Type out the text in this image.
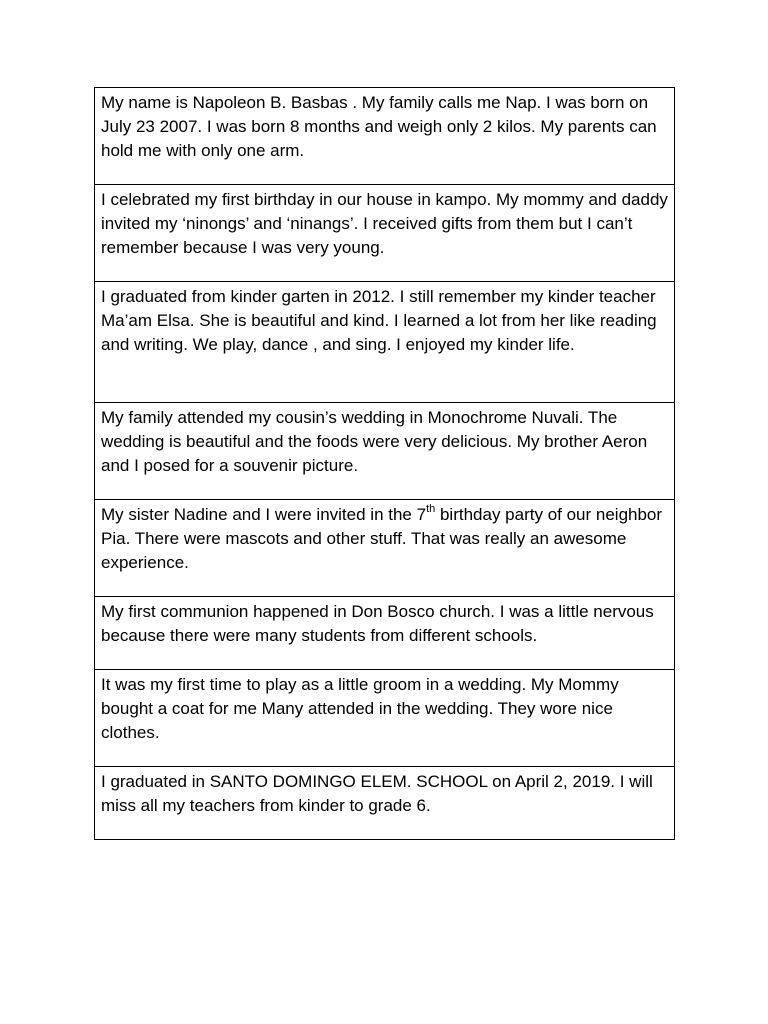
My name is Napoleon B. Basbas . My family calls me Nap. I was born on July 23 2007. I was born 8 months and weigh only 2 kilos. My parents can hold me with only one arm.

I celebrated my first birthday in our house in kampo. My mommy and daddy invited my ‘ninongs’ and ‘ninangs’. I received gifts from them but I can’t remember because I was very young.

I graduated from kinder garten in 2012. I still remember my kinder teacher Ma’am Elsa. She is beautiful and kind. I learned a lot from her like reading and writing. We play, dance , and sing. I enjoyed my kinder life.

My family attended my cousin’s wedding in Monochrome Nuvali. The wedding is beautiful and the foods were very delicious. My brother Aeron and I posed for a souvenir picture.

My sister Nadine and I were invited in the 7th birthday party of our neighbor Pia. There were mascots and other stuff. That was really an awesome experience.

My first communion happened in Don Bosco church. I was a little nervous because there were many students from different schools.

It was my first time to play as a little groom in a wedding. My Mommy bought a coat for me Many attended in the wedding. They wore nice clothes.

I graduated in SANTO DOMINGO ELEM. SCHOOL on April 2, 2019. I will miss all my teachers from kinder to grade 6.
